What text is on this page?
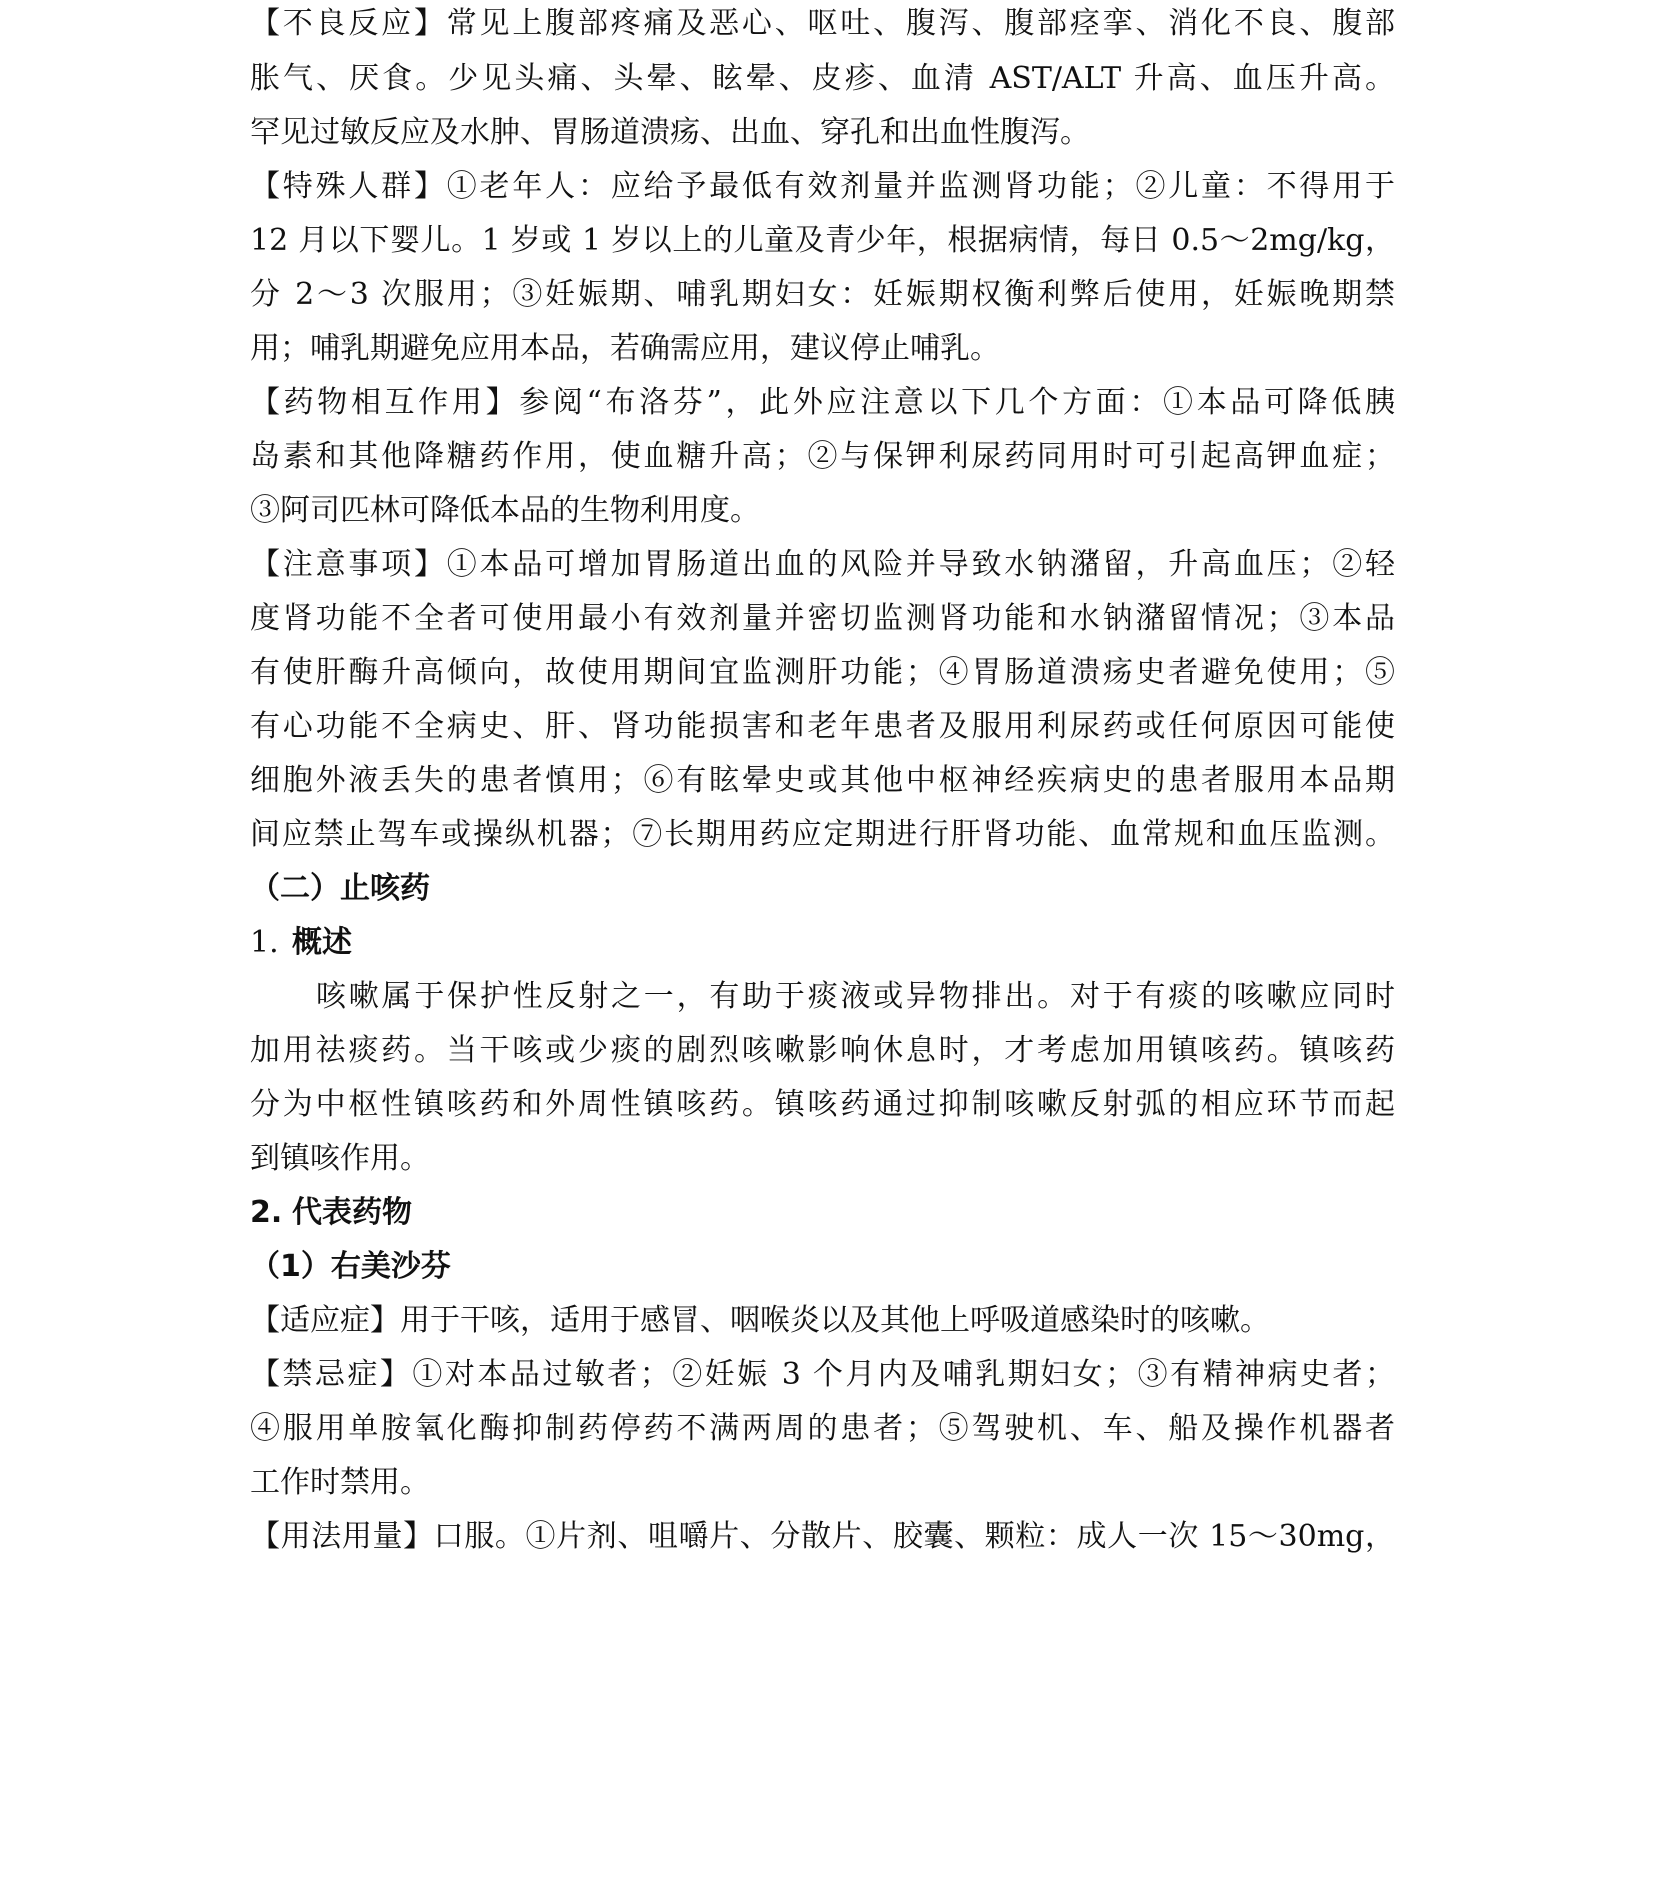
【不良反应】常见上腹部疼痛及恶心、呕吐、腹泻、腹部痉挛、消化不良、腹部
胀气、厌食。少见头痛、头晕、眩晕、皮疹、血清 AST/ALT 升高、血压升高。
罕见过敏反应及水肿、胃肠道溃疡、出血、穿孔和出血性腹泻。
【特殊人群】①老年人：应给予最低有效剂量并监测肾功能；②儿童：不得用于
12 月以下婴儿。1 岁或 1 岁以上的儿童及青少年，根据病情，每日 0.5～2mg/kg，
分 2～3 次服用；③妊娠期、哺乳期妇女：妊娠期权衡利弊后使用，妊娠晚期禁
用；哺乳期避免应用本品，若确需应用，建议停止哺乳。
【药物相互作用】参阅“布洛芬”，此外应注意以下几个方面：①本品可降低胰
岛素和其他降糖药作用，使血糖升高；②与保钾利尿药同用时可引起高钾血症；
③阿司匹林可降低本品的生物利用度。
【注意事项】①本品可增加胃肠道出血的风险并导致水钠潴留，升高血压；②轻
度肾功能不全者可使用最小有效剂量并密切监测肾功能和水钠潴留情况；③本品
有使肝酶升高倾向，故使用期间宜监测肝功能；④胃肠道溃疡史者避免使用；⑤
有心功能不全病史、肝、肾功能损害和老年患者及服用利尿药或任何原因可能使
细胞外液丢失的患者慎用；⑥有眩晕史或其他中枢神经疾病史的患者服用本品期
间应禁止驾车或操纵机器；⑦长期用药应定期进行肝肾功能、血常规和血压监测。
（二）止咳药
1. 概述
咳嗽属于保护性反射之一，有助于痰液或异物排出。对于有痰的咳嗽应同时
加用祛痰药。当干咳或少痰的剧烈咳嗽影响休息时，才考虑加用镇咳药。镇咳药
分为中枢性镇咳药和外周性镇咳药。镇咳药通过抑制咳嗽反射弧的相应环节而起
到镇咳作用。
2. 代表药物
（1）右美沙芬
【适应症】用于干咳，适用于感冒、咽喉炎以及其他上呼吸道感染时的咳嗽。
【禁忌症】①对本品过敏者；②妊娠 3 个月内及哺乳期妇女；③有精神病史者；
④服用单胺氧化酶抑制药停药不满两周的患者；⑤驾驶机、车、船及操作机器者
工作时禁用。
【用法用量】口服。①片剂、咀嚼片、分散片、胶囊、颗粒：成人一次 15～30mg，
